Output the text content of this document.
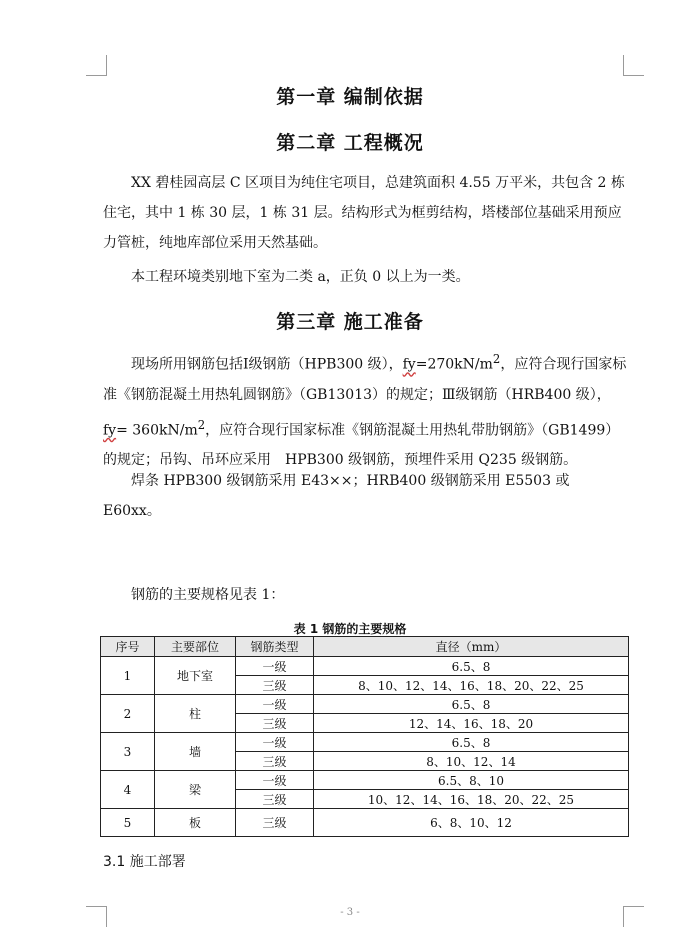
第一章 编制依据
第二章 工程概况
XX 碧桂园高层 C 区项目为纯住宅项目，总建筑面积 4.55 万平米，共包含 2 栋住宅，其中 1 栋 30 层，1 栋 31 层。结构形式为框剪结构，塔楼部位基础采用预应力管桩，纯地库部位采用天然基础。
本工程环境类别地下室为二类 a，正负 0 以上为一类。
第三章 施工准备
现场所用钢筋包括Ⅰ级钢筋（HPB300 级），$fy=270kN/m^2$，应符合现行国家标准《钢筋混凝土用热轧圆钢筋》（GB13013）的规定；Ⅲ级钢筋（HRB400 级），$fy= 360kN/m^2$，应符合现行国家标准《钢筋混凝土用热轧带肋钢筋》（GB1499）的规定；吊钩、吊环应采用　HPB300 级钢筋，预埋件采用 Q235 级钢筋。
焊条 HPB300 级钢筋采用 E43××；HRB400 级钢筋采用 E5503 或 E60xx。
钢筋的主要规格见表 1：
表 1 钢筋的主要规格
序号	主要部位	钢筋类型	直径（mm）
1	地下室	一级	6.5、8
		三级	8、10、12、14、16、18、20、22、25
2	柱	一级	6.5、8
		三级	12、14、16、18、20
3	墙	一级	6.5、8
		三级	8、10、12、14
4	梁	一级	6.5、8、10
		三级	10、12、14、16、18、20、22、25
5	板	三级	6、8、10、12
3.1 施工部署
- 3 -
